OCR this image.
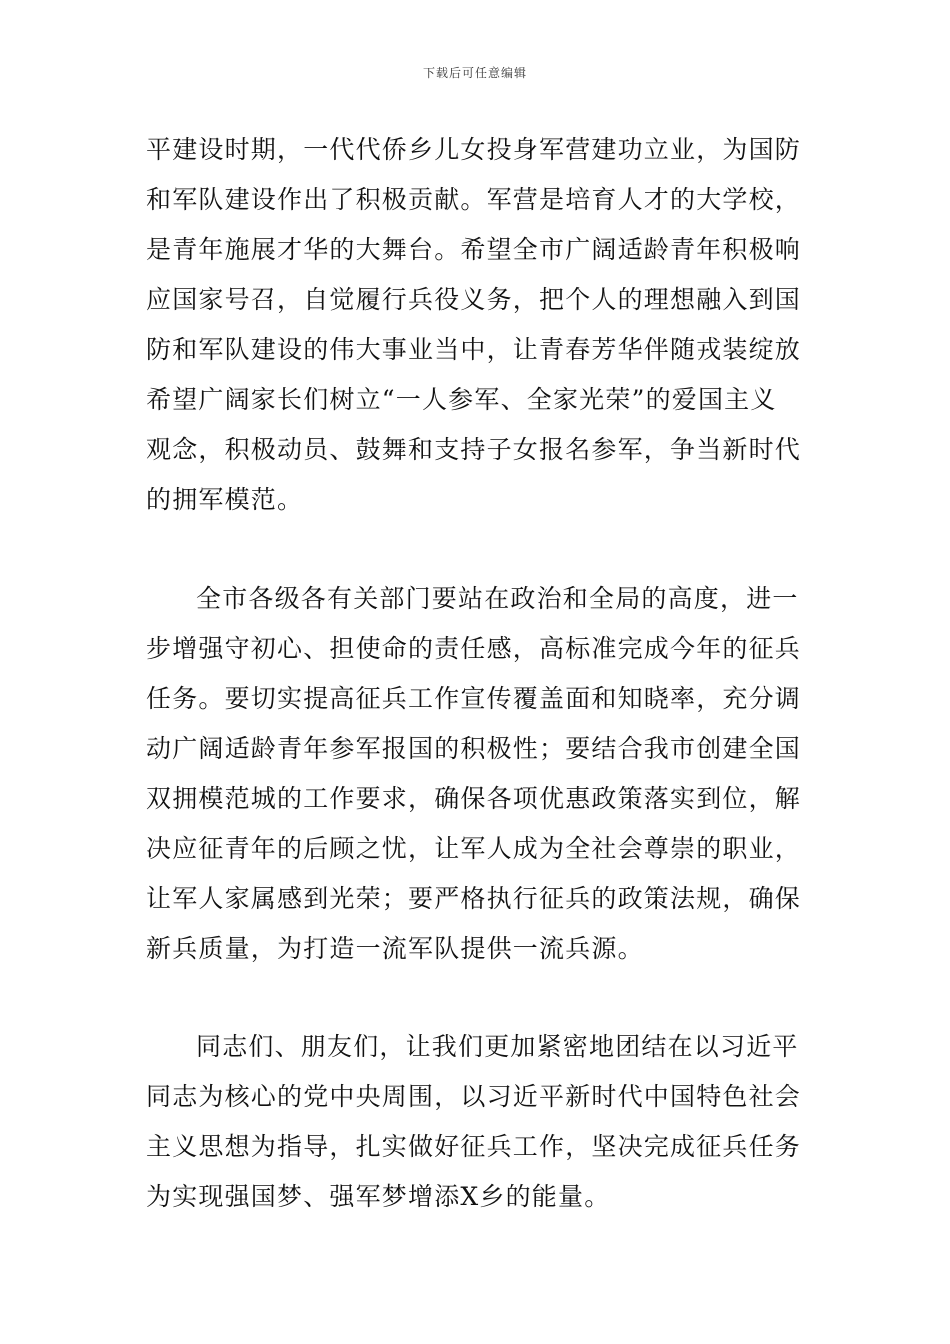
下载后可任意编辑
平建设时期，一代代侨乡儿女投身军营建功立业，为国防
和军队建设作出了积极贡献。军营是培育人才的大学校，
是青年施展才华的大舞台。希望全市广阔适龄青年积极响
应国家号召，自觉履行兵役义务，把个人的理想融入到国
防和军队建设的伟大事业当中，让青春芳华伴随戎装绽放
希望广阔家长们树立“一人参军、全家光荣”的爱国主义
观念，积极动员、鼓舞和支持子女报名参军，争当新时代
的拥军模范。
全市各级各有关部门要站在政治和全局的高度，进一
步增强守初心、担使命的责任感，高标准完成今年的征兵
任务。要切实提高征兵工作宣传覆盖面和知晓率，充分调
动广阔适龄青年参军报国的积极性；要结合我市创建全国
双拥模范城的工作要求，确保各项优惠政策落实到位，解
决应征青年的后顾之忧，让军人成为全社会尊崇的职业，
让军人家属感到光荣；要严格执行征兵的政策法规，确保
新兵质量，为打造一流军队提供一流兵源。
同志们、朋友们，让我们更加紧密地团结在以习近平
同志为核心的党中央周围，以习近平新时代中国特色社会
主义思想为指导，扎实做好征兵工作，坚决完成征兵任务
为实现强国梦、强军梦增添X乡的能量。
